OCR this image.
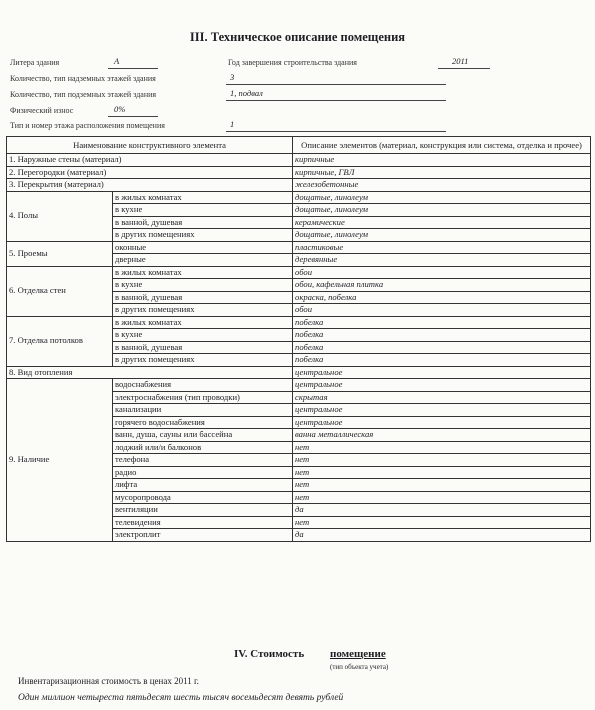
III. Техническое описание помещения
Литера здания	А	Год завершения строительства здания	2011
Количество, тип надземных этажей здания	3
Количество, тип подземных этажей здания	1, подвал
Физический износ	0%
Тип и номер этажа расположения помещения	1
Наименование конструктивного элемента		Описание элементов (материал, конструкция или система, отделка и прочее)
1. Наружные стены (материал)		кирпичные
2. Перегородки (материал)		кирпичные, ГВЛ
3. Перекрытия (материал)		железобетонные
4. Полы	в жилых комнатах	дощатые, линолеум
	в кухне	дощатые, линолеум
	в ванной, душевая	керамические
	в других помещениях	дощатые, линолеум
5. Проемы	оконные	пластиковые
	дверные	деревянные
6. Отделка стен	в жилых комнатах	обои
	в кухне	обои, кафельная плитка
	в ванной, душевая	окраска, побелка
	в других помещениях	обои
7. Отделка потолков	в жилых комнатах	побелка
	в кухне	побелка
	в ванной, душевая	побелка
	в других помещениях	побелка
8. Вид отопления		центральное
9. Наличие	водоснабжения	центральное
	электроснабжения (тип проводки)	скрытая
	канализации	центральное
	горячего водоснабжения	центральное
	ванн, душа, сауны или бассейна	ванна металлическая
	лоджий или/и балконов	нет
	телефона	нет
	радио	нет
	лифта	нет
	мусоропровода	нет
	вентиляции	да
	телевидения	нет
	электроплит	да
IV. Стоимость помещение
(тип объекта учета)
Инвентаризационная стоимость в ценах 2011 г.
Один миллион четыреста пятьдесят шесть тысяч восемьдесят девять рублей
